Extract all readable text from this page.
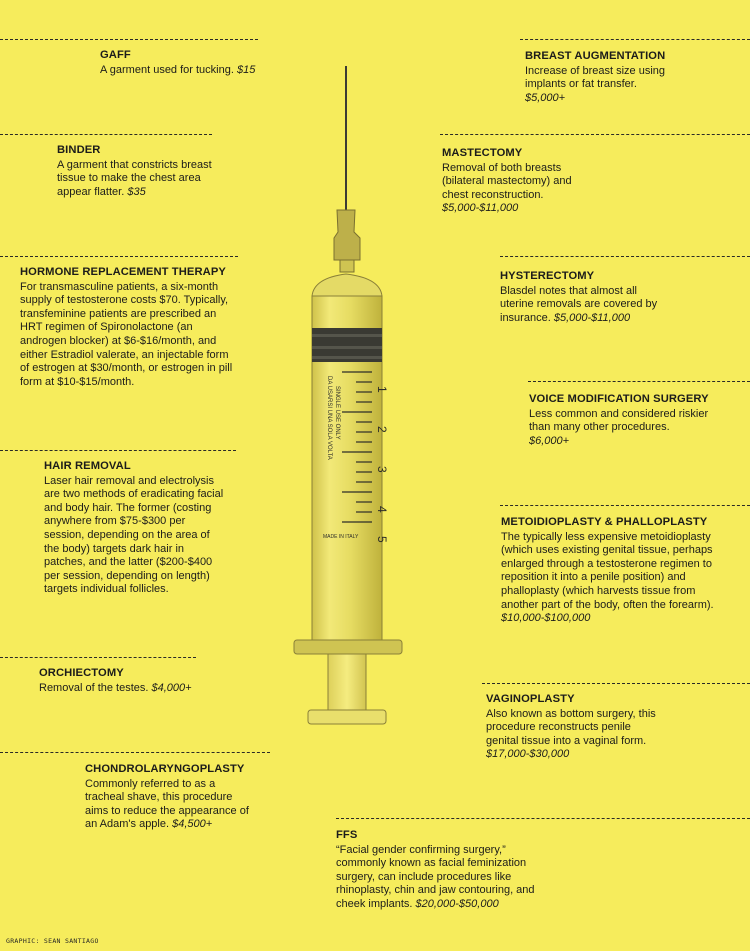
1
2
3
4
5
DA USARSI UNA SOLA VOLTA SINGLE USE ONLY
MADE IN ITALY
GAFF
A garment used for tucking. $15
BINDER
A garment that constricts breast tissue to make the chest area appear flatter. $35
HORMONE REPLACEMENT THERAPY
For transmasculine patients, a six-month supply of testosterone costs $70. Typically, transfeminine patients are prescribed an HRT regimen of Spironolactone (an androgen blocker) at $6-$16/month, and either Estradiol valerate, an injectable form of estrogen at $30/month, or estrogen in pill form at $10-$15/month.
HAIR REMOVAL
Laser hair removal and electrolysis are two methods of eradicating facial and body hair. The former (costing anywhere from $75-$300 per session, depending on the area of the body) targets dark hair in patches, and the latter ($200-$400 per session, depending on length) targets individual follicles.
ORCHIECTOMY
Removal of the testes. $4,000+
CHONDROLARYNGOPLASTY
Commonly referred to as a tracheal shave, this procedure aims to reduce the appearance of an Adam's apple. $4,500+
BREAST AUGMENTATION
Increase of breast size using implants or fat transfer.
$5,000+
MASTECTOMY
Removal of both breasts (bilateral mastectomy) and chest reconstruction.
$5,000-$11,000
HYSTERECTOMY
Blasdel notes that almost all uterine removals are covered by insurance. $5,000-$11,000
VOICE MODIFICATION SURGERY
Less common and considered riskier than many other procedures.
$6,000+
METOIDIOPLASTY & PHALLOPLASTY
The typically less expensive metoidioplasty (which uses existing genital tissue, perhaps enlarged through a testosterone regimen to reposition it into a penile position) and phalloplasty (which harvests tissue from another part of the body, often the forearm).
$10,000-$100,000
VAGINOPLASTY
Also known as bottom surgery, this procedure reconstructs penile genital tissue into a vaginal form. $17,000-$30,000
FFS
“Facial gender confirming surgery,” commonly known as facial feminization surgery, can include procedures like rhinoplasty, chin and jaw contouring, and cheek implants. $20,000-$50,000
GRAPHIC: SEAN SANTIAGO
